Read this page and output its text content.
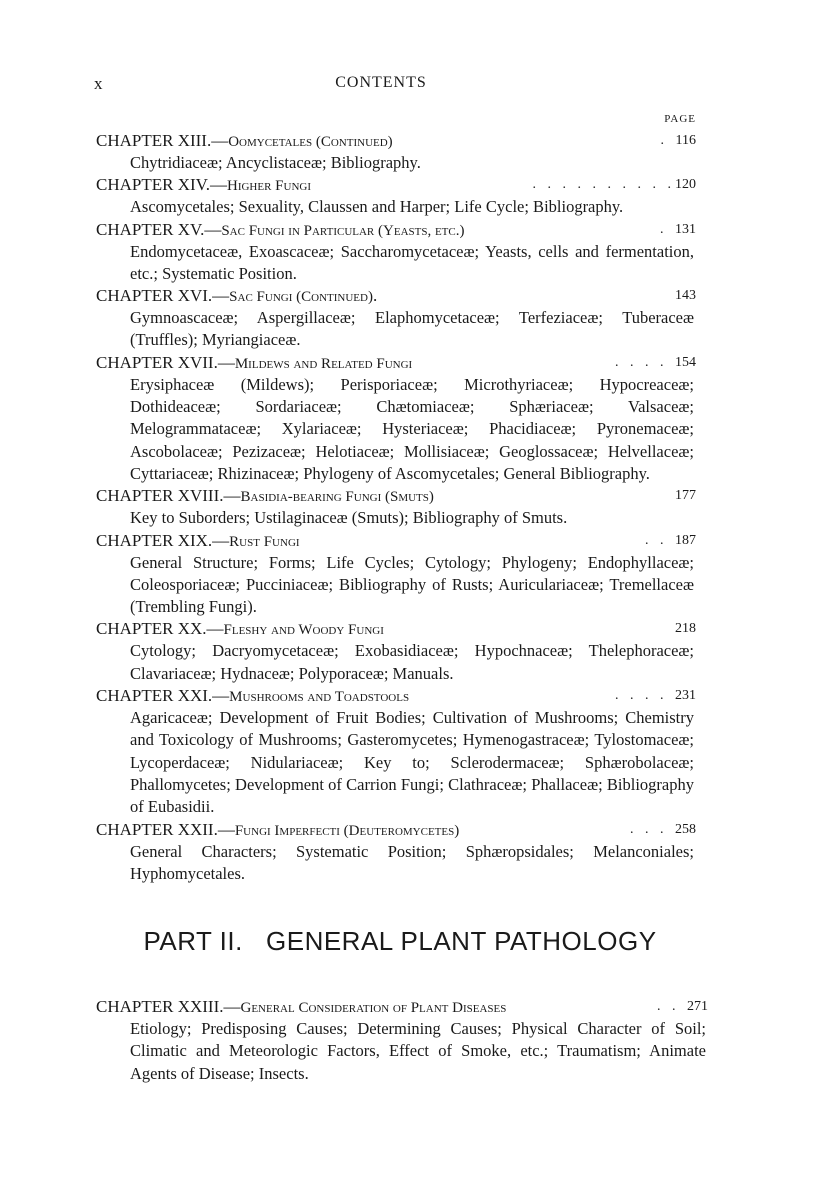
x	CONTENTS
PAGE
CHAPTER XIII.—Oomycetales (Continued)	. 116
Chytridiaceæ; Ancyclistaceæ; Bibliography.
CHAPTER XIV.—Higher Fungi	. . . . . . . . . .120
Ascomycetales; Sexuality, Claussen and Harper; Life Cycle; Bibliography.
CHAPTER XV.—Sac Fungi in Particular (Yeasts, etc.)	. 131
Endomycetaceæ, Exoascaceæ; Saccharomycetaceæ; Yeasts, cells and fermentation, etc.; Systematic Position.
CHAPTER XVI.—Sac Fungi (Continued).	143
Gymnoascaceæ; Aspergillaceæ; Elaphomycetaceæ; Terfeziaceæ; Tuberaceæ (Truffles); Myriangiaceæ.
CHAPTER XVII.—Mildews and Related Fungi	. . . . 154
Erysiphaceæ (Mildews); Perisporiaceæ; Microthyriaceæ; Hypocreaceæ; Dothideaceæ; Sordariaceæ; Chætomiaceæ; Sphæriaceæ; Valsaceæ; Melogrammataceæ; Xylariaceæ; Hysteriaceæ; Phacidiaceæ; Pyronemaceæ; Ascobolaceæ; Pezizaceæ; Helotiaceæ; Mollisiaceæ; Geoglossaceæ; Helvellaceæ; Cyttariaceæ; Rhizinaceæ; Phylogeny of Ascomycetales; General Bibliography.
CHAPTER XVIII.—Basidia-bearing Fungi (Smuts)	177
Key to Suborders; Ustilaginaceæ (Smuts); Bibliography of Smuts.
CHAPTER XIX.—Rust Fungi	. . 187
General Structure; Forms; Life Cycles; Cytology; Phylogeny; Endophyllaceæ; Coleosporiaceæ; Pucciniaceæ; Bibliography of Rusts; Auriculariaceæ; Tremellaceæ (Trembling Fungi).
CHAPTER XX.—Fleshy and Woody Fungi	218
Cytology; Dacryomycetaceæ; Exobasidiaceæ; Hypochnaceæ; Thelephoraceæ; Clavariaceæ; Hydnaceæ; Polyporaceæ; Manuals.
CHAPTER XXI.—Mushrooms and Toadstools	. . . . 231
Agaricaceæ; Development of Fruit Bodies; Cultivation of Mushrooms; Chemistry and Toxicology of Mushrooms; Gasteromycetes; Hymenogastraceæ; Tylostomaceæ; Lycoperdaceæ; Nidulariaceæ; Key to; Sclerodermaceæ; Sphærobolaceæ; Phallomycetes; Development of Carrion Fungi; Clathraceæ; Phallaceæ; Bibliography of Eubasidii.
CHAPTER XXII.—Fungi Imperfecti (Deuteromycetes)	. . . 258
General Characters; Systematic Position; Sphæropsidales; Melanconiales; Hyphomycetales.
PART II. GENERAL PLANT PATHOLOGY
CHAPTER XXIII.—General Consideration of Plant Diseases	. . 271
Etiology; Predisposing Causes; Determining Causes; Physical Character of Soil; Climatic and Meteorologic Factors, Effect of Smoke, etc.; Traumatism; Animate Agents of Disease; Insects.
